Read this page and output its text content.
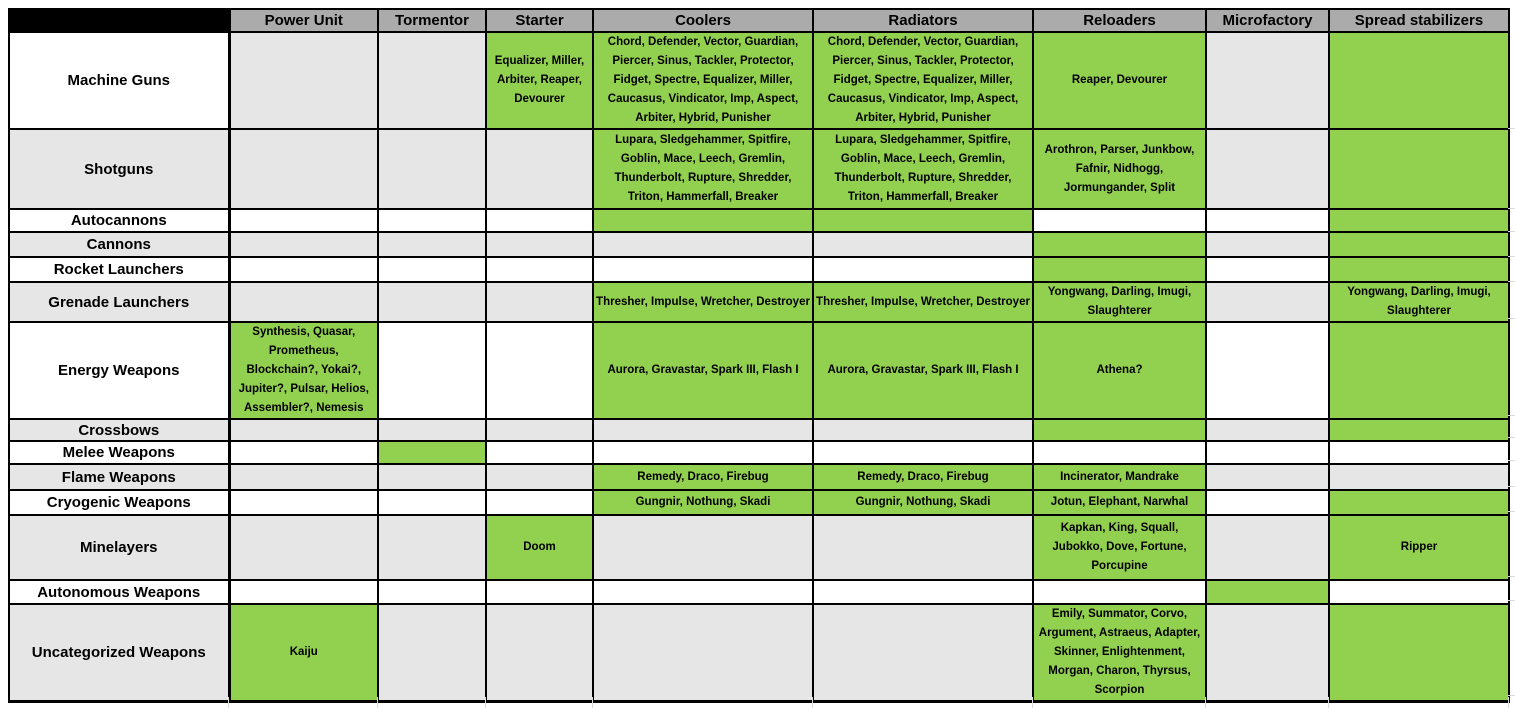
	Power Unit	Tormentor	Starter	Coolers	Radiators	Reloaders	Microfactory	Spread stabilizers
Machine Guns			Equalizer, Miller, Arbiter, Reaper, Devourer	Chord, Defender, Vector, Guardian, Piercer, Sinus, Tackler, Protector, Fidget, Spectre, Equalizer, Miller, Caucasus, Vindicator, Imp, Aspect, Arbiter, Hybrid, Punisher	Chord, Defender, Vector, Guardian, Piercer, Sinus, Tackler, Protector, Fidget, Spectre, Equalizer, Miller, Caucasus, Vindicator, Imp, Aspect, Arbiter, Hybrid, Punisher	Reaper, Devourer		
Shotguns				Lupara, Sledgehammer, Spitfire, Goblin, Mace, Leech, Gremlin, Thunderbolt, Rupture, Shredder, Triton, Hammerfall, Breaker	Lupara, Sledgehammer, Spitfire, Goblin, Mace, Leech, Gremlin, Thunderbolt, Rupture, Shredder, Triton, Hammerfall, Breaker	Arothron, Parser, Junkbow, Fafnir, Nidhogg, Jormungander, Split		
Autocannons								
Cannons								
Rocket Launchers								
Grenade Launchers				Thresher, Impulse, Wretcher, Destroyer	Thresher, Impulse, Wretcher, Destroyer	Yongwang, Darling, Imugi, Slaughterer		Yongwang, Darling, Imugi, Slaughterer
Energy Weapons	Synthesis, Quasar, Prometheus, Blockchain?, Yokai?, Jupiter?, Pulsar, Helios, Assembler?, Nemesis			Aurora, Gravastar, Spark III, Flash I	Aurora, Gravastar, Spark III, Flash I	Athena?		
Crossbows								
Melee Weapons								
Flame Weapons				Remedy, Draco, Firebug	Remedy, Draco, Firebug	Incinerator, Mandrake		
Cryogenic Weapons				Gungnir, Nothung, Skadi	Gungnir, Nothung, Skadi	Jotun, Elephant, Narwhal		
Minelayers			Doom			Kapkan, King, Squall, Jubokko, Dove, Fortune, Porcupine		Ripper
Autonomous Weapons								
Uncategorized Weapons	Kaiju					Emily, Summator, Corvo, Argument, Astraeus, Adapter, Skinner, Enlightenment, Morgan, Charon, Thyrsus, Scorpion		
